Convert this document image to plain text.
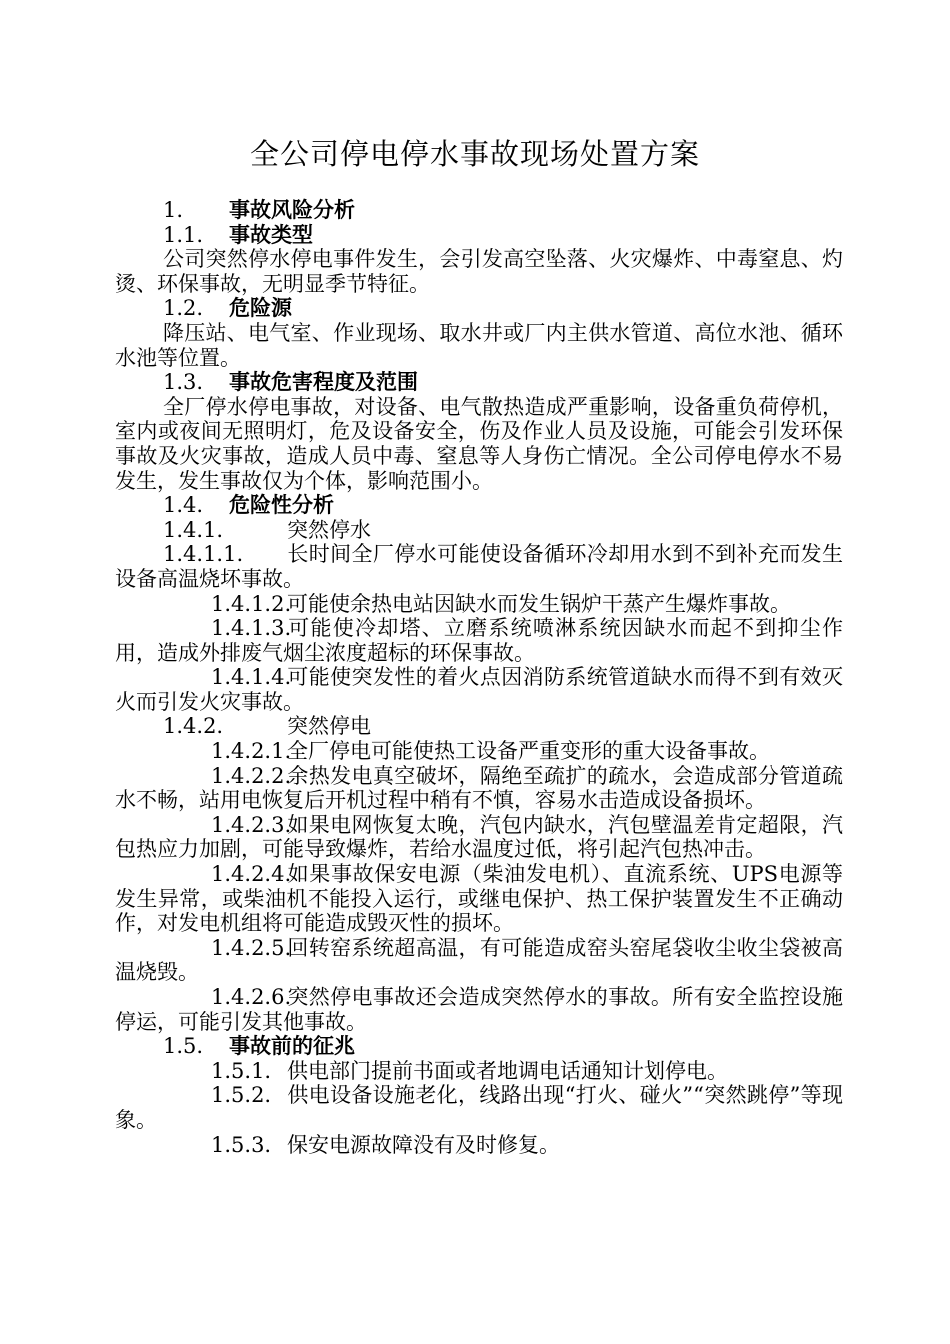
全公司停电停水事故现场处置方案
1. 事故风险分析
1.1. 事故类型
公司突然停水停电事件发生，会引发高空坠落、火灾爆炸、中毒窒息、灼烫、环保事故，无明显季节特征。
1.2. 危险源
降压站、电气室、作业现场、取水井或厂内主供水管道、高位水池、循环水池等位置。
1.3. 事故危害程度及范围
全厂停水停电事故，对设备、电气散热造成严重影响，设备重负荷停机，室内或夜间无照明灯，危及设备安全，伤及作业人员及设施，可能会引发环保事故及火灾事故，造成人员中毒、窒息等人身伤亡情况。全公司停电停水不易发生，发生事故仅为个体，影响范围小。
1.4. 危险性分析
1.4.1.	突然停水
1.4.1.1. 长时间全厂停水可能使设备循环冷却用水到不到补充而发生设备高温烧坏事故。
1.4.1.2.可能使余热电站因缺水而发生锅炉干蒸产生爆炸事故。
1.4.1.3.可能使冷却塔、立磨系统喷淋系统因缺水而起不到抑尘作用，造成外排废气烟尘浓度超标的环保事故。
1.4.1.4.可能使突发性的着火点因消防系统管道缺水而得不到有效灭火而引发火灾事故。
1.4.2.	突然停电
1.4.2.1.全厂停电可能使热工设备严重变形的重大设备事故。
1.4.2.2.余热发电真空破坏，隔绝至疏扩的疏水，会造成部分管道疏水不畅，站用电恢复后开机过程中稍有不慎，容易水击造成设备损坏。
1.4.2.3.如果电网恢复太晚，汽包内缺水，汽包壁温差肯定超限，汽包热应力加剧，可能导致爆炸，若给水温度过低，将引起汽包热冲击。
1.4.2.4.如果事故保安电源（柴油发电机）、直流系统、UPS电源等发生异常，或柴油机不能投入运行，或继电保护、热工保护装置发生不正确动作，对发电机组将可能造成毁灭性的损坏。
1.4.2.5.回转窑系统超高温，有可能造成窑头窑尾袋收尘收尘袋被高温烧毁。
1.4.2.6.突然停电事故还会造成突然停水的事故。所有安全监控设施停运，可能引发其他事故。
1.5. 事故前的征兆
1.5.1. 供电部门提前书面或者地调电话通知计划停电。
1.5.2. 供电设备设施老化，线路出现“打火、碰火”“突然跳停”等现象。
1.5.3. 保安电源故障没有及时修复。
